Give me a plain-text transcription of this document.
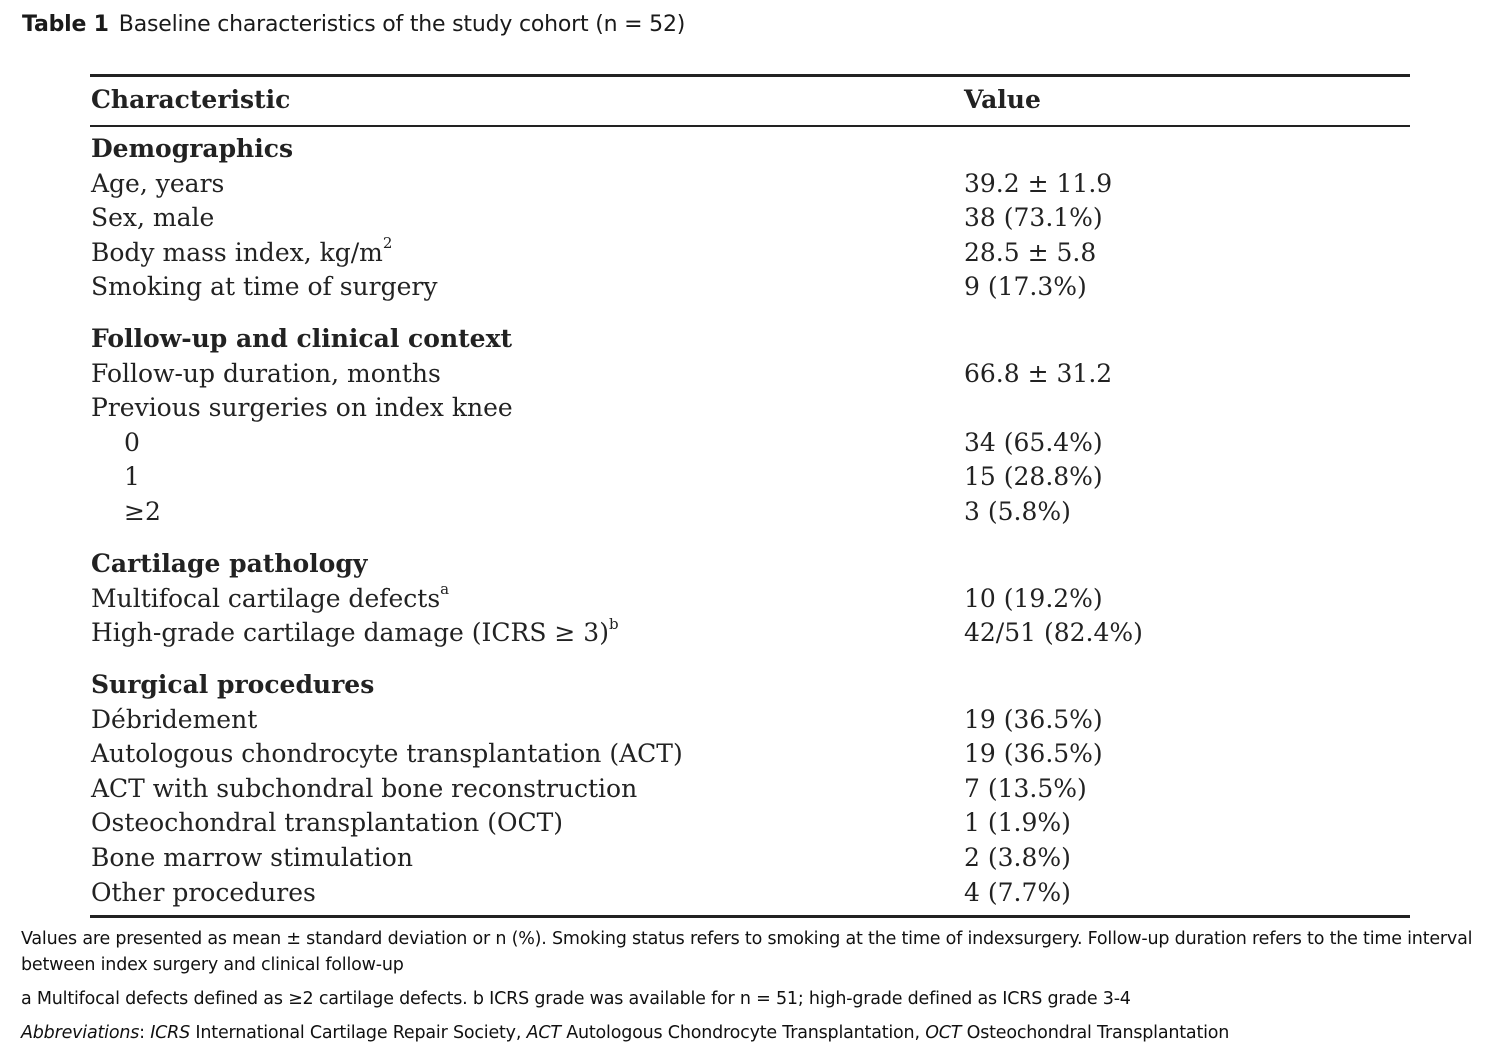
Table 1 Baseline characteristics of the study cohort (n = 52)
Characteristic	Value
Demographics
Age, years	39.2 ± 11.9
Sex, male	38 (73.1%)
Body mass index, $kg/m^2$	28.5 ± 5.8
Smoking at time of surgery	9 (17.3%)
Follow-up and clinical context
Follow-up duration, months	66.8 ± 31.2
Previous surgeries on index knee
0	34 (65.4%)
1	15 (28.8%)
≥2	3 (5.8%)
Cartilage pathology
Multifocal cartilage defects$^a$	10 (19.2%)
High-grade cartilage damage (ICRS ≥ 3)$^b$	42/51 (82.4%)
Surgical procedures
Débridement	19 (36.5%)
Autologous chondrocyte transplantation (ACT)	19 (36.5%)
ACT with subchondral bone reconstruction	7 (13.5%)
Osteochondral transplantation (OCT)	1 (1.9%)
Bone marrow stimulation	2 (3.8%)
Other procedures	4 (7.7%)
Values are presented as mean ± standard deviation or n (%). Smoking status refers to smoking at the time of indexsurgery. Follow-up duration refers to the time interval between index surgery and clinical follow-up
a Multifocal defects defined as ≥2 cartilage defects. b ICRS grade was available for n = 51; high-grade defined as ICRS grade 3-4
Abbreviations: ICRS International Cartilage Repair Society, ACT Autologous Chondrocyte Transplantation, OCT Osteochondral Transplantation
